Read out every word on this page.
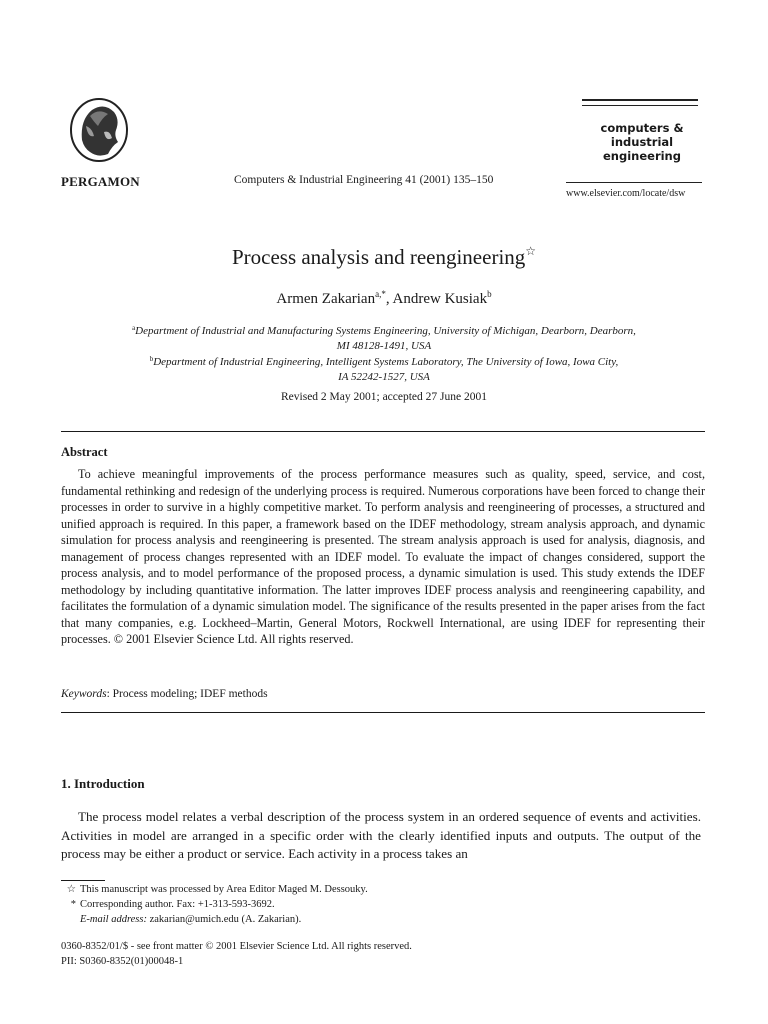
PERGAMON	Computers & Industrial Engineering 41 (2001) 135–150
computers &
industrial
engineering
www.elsevier.com/locate/dsw
Process analysis and reengineering☆
Armen Zakarian$^{a,*}$, Andrew Kusiak$^b$
$^a$Department of Industrial and Manufacturing Systems Engineering, University of Michigan, Dearborn, Dearborn,
MI 48128-1491, USA
$^b$Department of Industrial Engineering, Intelligent Systems Laboratory, The University of Iowa, Iowa City,
IA 52242-1527, USA
Revised 2 May 2001; accepted 27 June 2001
Abstract

To achieve meaningful improvements of the process performance measures such as quality, speed, service, and cost, fundamental rethinking and redesign of the underlying process is required. Numerous corporations have been forced to change their processes in order to survive in a highly competitive market. To perform analysis and reengineering of processes, a structured and unified approach is required. In this paper, a framework based on the IDEF methodology, stream analysis approach, and dynamic simulation for process analysis and reengineering is presented. The stream analysis approach is used for analysis, diagnosis, and management of process changes represented with an IDEF model. To evaluate the impact of changes considered, support the process analysis, and to model performance of the proposed process, a dynamic simulation is used. This study extends the IDEF methodology by including quantitative information. The latter improves IDEF process analysis and reengineering capability, and facilitates the formulation of a dynamic simulation model. The significance of the results presented in the paper arises from the fact that many companies, e.g. Lockheed–Martin, General Motors, Rockwell International, are using IDEF for representing their processes. © 2001 Elsevier Science Ltd. All rights reserved.

Keywords: Process modeling; IDEF methods
1. Introduction

The process model relates a verbal description of the process system in an ordered sequence of events and activities. Activities in model are arranged in a specific order with the clearly identified inputs and outputs. The output of the process may be either a product or service. Each activity in a process takes an

☆ This manuscript was processed by Area Editor Maged M. Dessouky.
* Corresponding author. Fax: +1-313-593-3692.
E-mail address: zakarian@umich.edu (A. Zakarian).
0360-8352/01/$ - see front matter © 2001 Elsevier Science Ltd. All rights reserved.
PII: S0360-8352(01)00048-1
